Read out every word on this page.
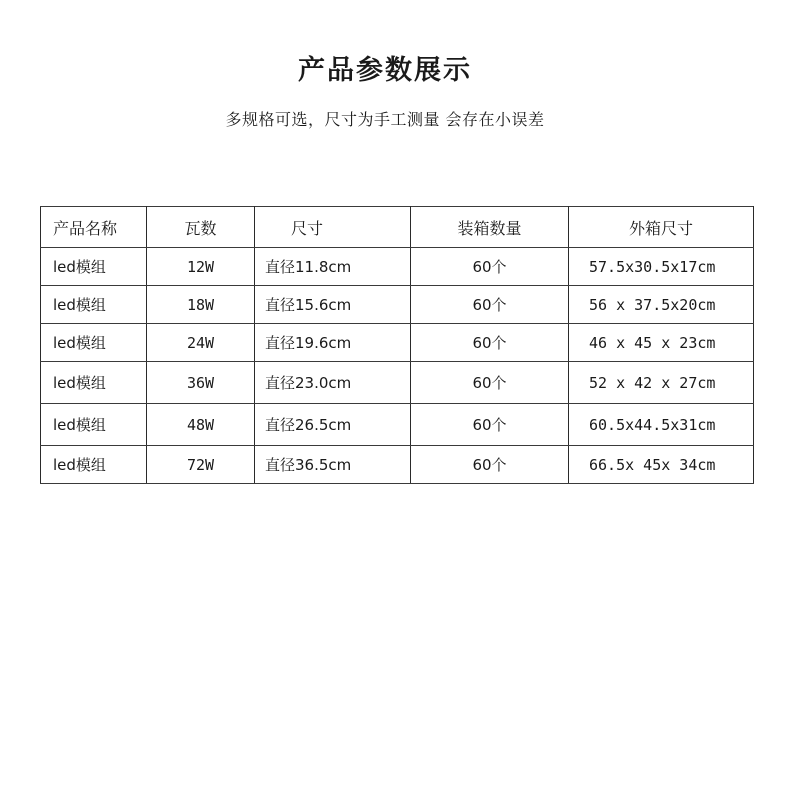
产品参数展示
多规格可选，尺寸为手工测量 会存在小误差
产品名称	瓦数	尺寸	装箱数量	外箱尺寸
led模组	12W	直径11.8cm	60个	57.5x30.5x17cm
led模组	18W	直径15.6cm	60个	56 x 37.5x20cm
led模组	24W	直径19.6cm	60个	46 x 45 x 23cm
led模组	36W	直径23.0cm	60个	52 x 42 x 27cm
led模组	48W	直径26.5cm	60个	60.5x44.5x31cm
led模组	72W	直径36.5cm	60个	66.5x 45x 34cm
